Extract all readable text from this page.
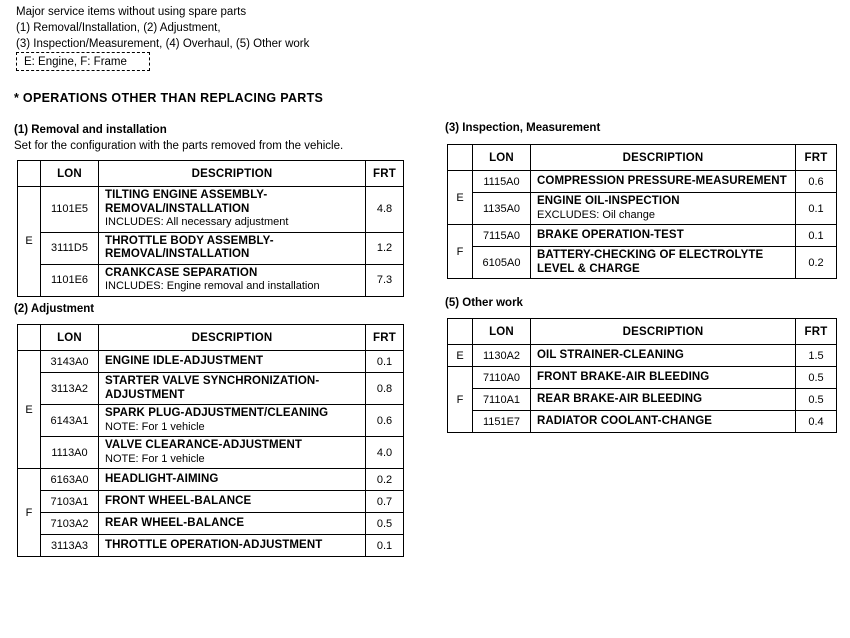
Major service items without using spare parts
(1) Removal/Installation, (2) Adjustment,
(3) Inspection/Measurement, (4) Overhaul, (5) Other work
E: Engine, F: Frame
* OPERATIONS OTHER THAN REPLACING PARTS
(1) Removal and installation
Set for the configuration with the parts removed from the vehicle.
	LON	DESCRIPTION	FRT
E	1101E5	TILTING ENGINE ASSEMBLY-REMOVAL/INSTALLATION
INCLUDES: All necessary adjustment	4.8
	3111D5	THROTTLE BODY ASSEMBLY-REMOVAL/INSTALLATION	1.2
	1101E6	CRANKCASE SEPARATION
INCLUDES: Engine removal and installation	7.3
(2) Adjustment
	LON	DESCRIPTION	FRT
E	3143A0	ENGINE IDLE-ADJUSTMENT	0.1
	3113A2	STARTER VALVE SYNCHRONIZATION-ADJUSTMENT	0.8
	6143A1	SPARK PLUG-ADJUSTMENT/CLEANING
NOTE: For 1 vehicle	0.6
	1113A0	VALVE CLEARANCE-ADJUSTMENT
NOTE: For 1 vehicle	4.0
F	6163A0	HEADLIGHT-AIMING	0.2
	7103A1	FRONT WHEEL-BALANCE	0.7
	7103A2	REAR WHEEL-BALANCE	0.5
	3113A3	THROTTLE OPERATION-ADJUSTMENT	0.1
(3) Inspection, Measurement
	LON	DESCRIPTION	FRT
E	1115A0	COMPRESSION PRESSURE-MEASUREMENT	0.6
	1135A0	ENGINE OIL-INSPECTION
EXCLUDES: Oil change	0.1
F	7115A0	BRAKE OPERATION-TEST	0.1
	6105A0	BATTERY-CHECKING OF ELECTROLYTE LEVEL & CHARGE	0.2
(5) Other work
	LON	DESCRIPTION	FRT
E	1130A2	OIL STRAINER-CLEANING	1.5
F	7110A0	FRONT BRAKE-AIR BLEEDING	0.5
	7110A1	REAR BRAKE-AIR BLEEDING	0.5
	1151E7	RADIATOR COOLANT-CHANGE	0.4
